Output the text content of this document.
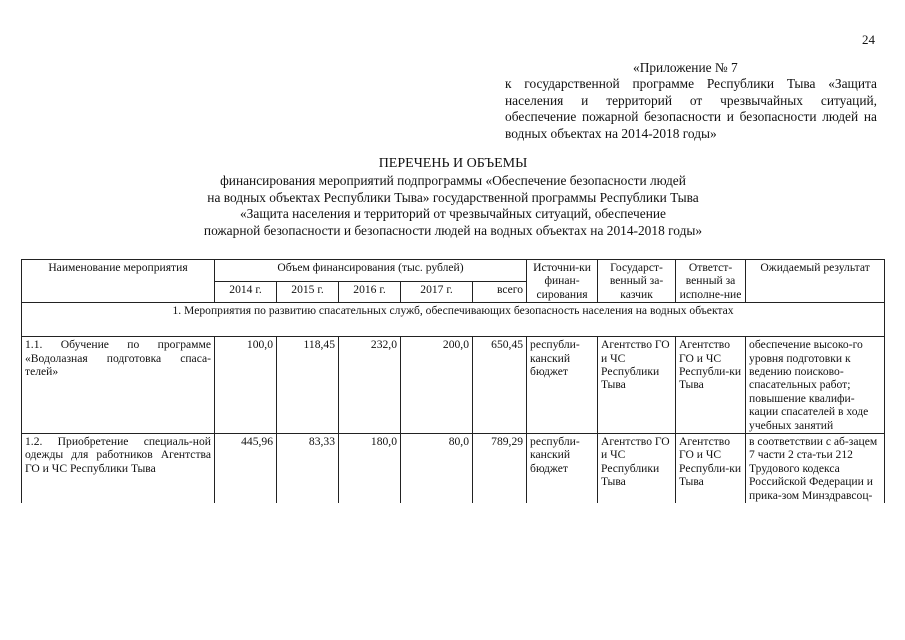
24
«Приложение № 7
к государственной программе Республики Тыва «Защита населения и территорий от чрезвычайных ситуаций, обеспечение пожарной безопасности и безопасности людей на водных объектах на 2014-2018 годы»
ПЕРЕЧЕНЬ И ОБЪЕМЫ
финансирования мероприятий подпрограммы «Обеспечение безопасности людей
на водных объектах Республики Тыва» государственной программы Республики Тыва
«Защита населения и территорий от чрезвычайных ситуаций, обеспечение
пожарной безопасности и безопасности людей на водных объектах на 2014-2018 годы»
Наименование мероприятия	Объем финансирования (тыс. рублей)					Источни-ки финан-сирования	Государст-венный за-казчик	Ответст-венный за исполне-ние	Ожидаемый результат
	2014 г.	2015 г.	2016 г.	2017 г.	всего				
1. Мероприятия по развитию спасательных служб, обеспечивающих безопасность населения на водных объектах									
1.1. Обучение по программе «Водолазная подготовка спаса-телей»	100,0	118,45	232,0	200,0	650,45	республи-канский бюджет	Агентство ГО и ЧС Республики Тыва	Агентство ГО и ЧС Республи-ки Тыва	обеспечение высоко-го уровня подготовки к ведению поисково-спасательных работ; повышение квалифи-кации спасателей в ходе учебных занятий
1.2. Приобретение специаль-ной одежды для работников Агентства ГО и ЧС Республики Тыва	445,96	83,33	180,0	80,0	789,29	республи-канский бюджет	Агентство ГО и ЧС Республики Тыва	Агентство ГО и ЧС Республи-ки Тыва	в соответствии с аб-зацем 7 части 2 ста-тьи 212 Трудового кодекса Российской Федерации и прика-зом Минздравсоц-
